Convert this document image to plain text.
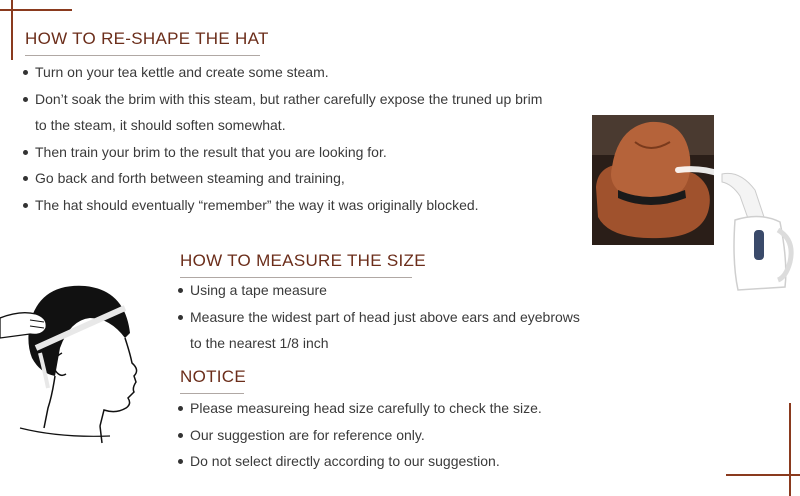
HOW TO RE-SHAPE THE HAT
Turn on your tea kettle and create some steam.
Don’t soak the brim with this steam, but rather carefully expose the truned up brim
to the steam, it should soften somewhat.
Then train your brim to the result that you are looking for.
Go back and forth between steaming and training,
The hat should eventually “remember” the way it was originally blocked.
HOW TO MEASURE THE SIZE
Using a tape measure
Measure the widest part of head just above ears and eyebrows
to the nearest 1/8 inch
NOTICE
Please measureing head size carefully to check the size.
Our suggestion are for reference only.
Do not select directly according to our suggestion.
